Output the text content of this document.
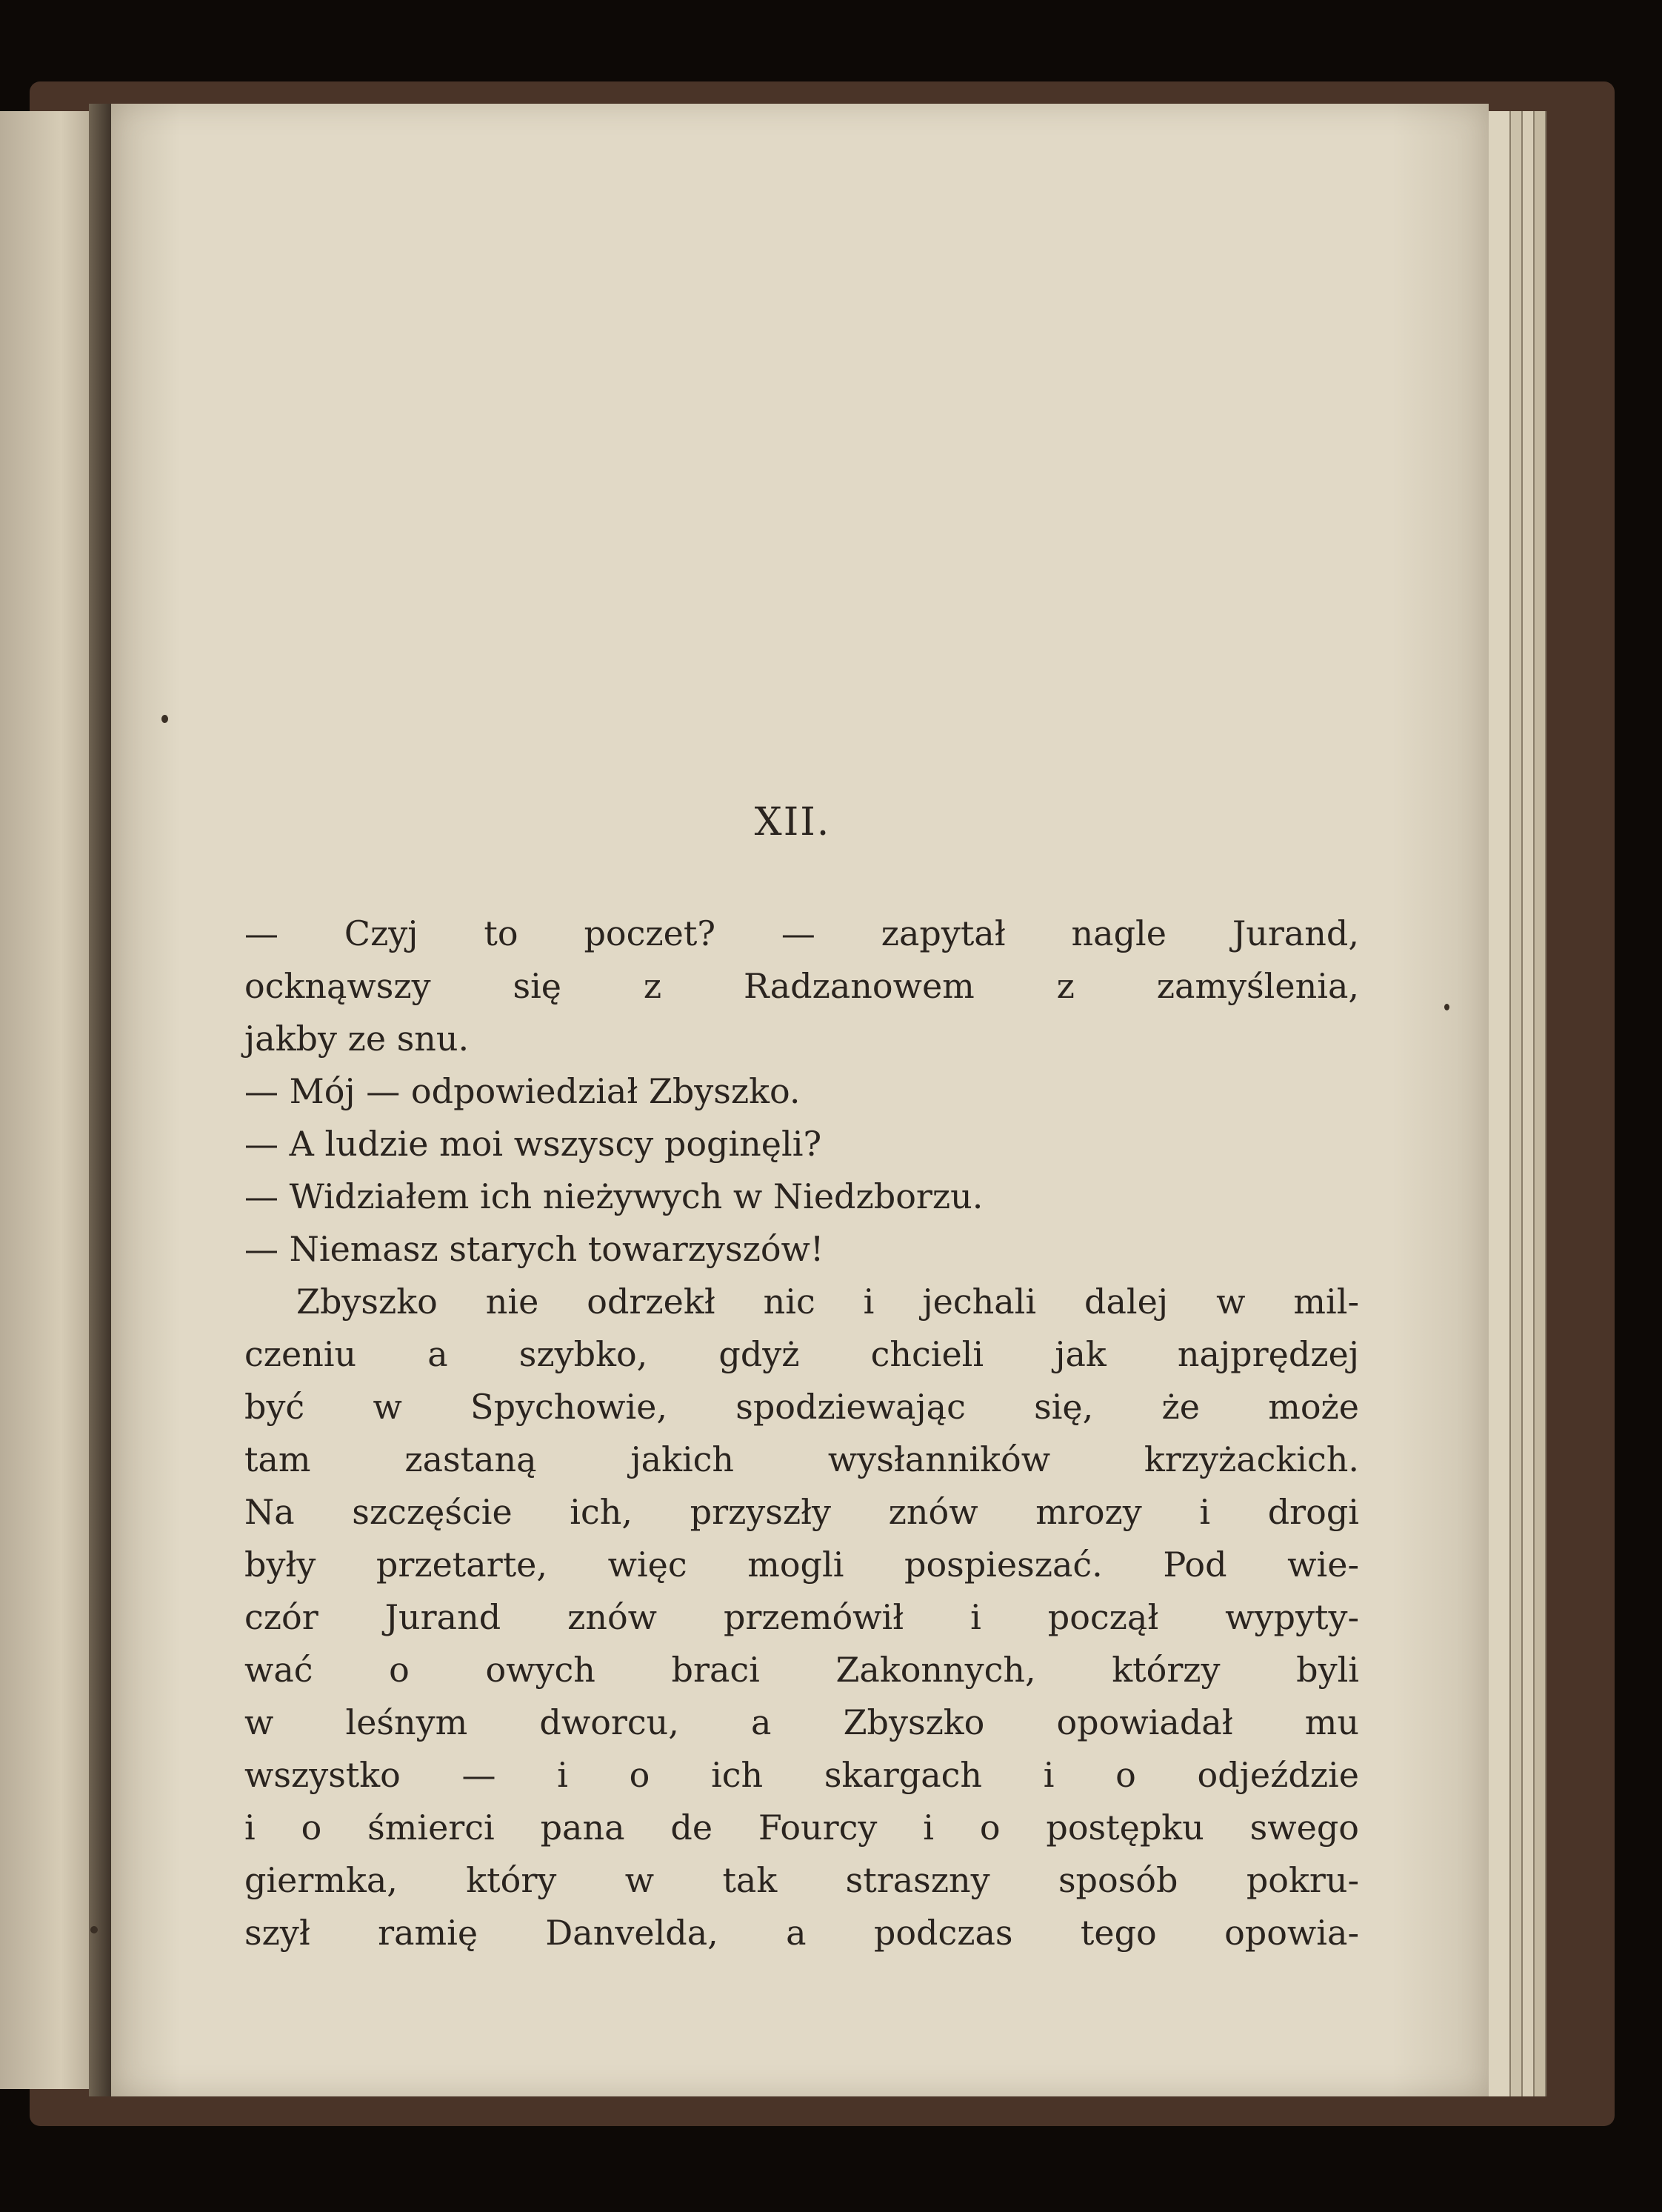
XII.
— Czyj to poczet? — zapytał nagle Jurand,
ocknąwszy się z Radzanowem z zamyślenia,
jakby ze snu.
— Mój — odpowiedział Zbyszko.
— A ludzie moi wszyscy poginęli?
— Widziałem ich nieżywych w Niedzborzu.
— Niemasz starych towarzyszów!
Zbyszko nie odrzekł nic i jechali dalej w mil-
czeniu a szybko, gdyż chcieli jak najprędzej
być w Spychowie, spodziewając się, że może
tam zastaną jakich wysłanników krzyżackich.
Na szczęście ich, przyszły znów mrozy i drogi
były przetarte, więc mogli pospieszać. Pod wie-
czór Jurand znów przemówił i począł wypyty-
wać o owych braci Zakonnych, którzy byli
w leśnym dworcu, a Zbyszko opowiadał mu
wszystko — i o ich skargach i o odjeździe
i o śmierci pana de Fourcy i o postępku swego
giermka, który w tak straszny sposób pokru-
szył ramię Danvelda, a podczas tego opowia-
